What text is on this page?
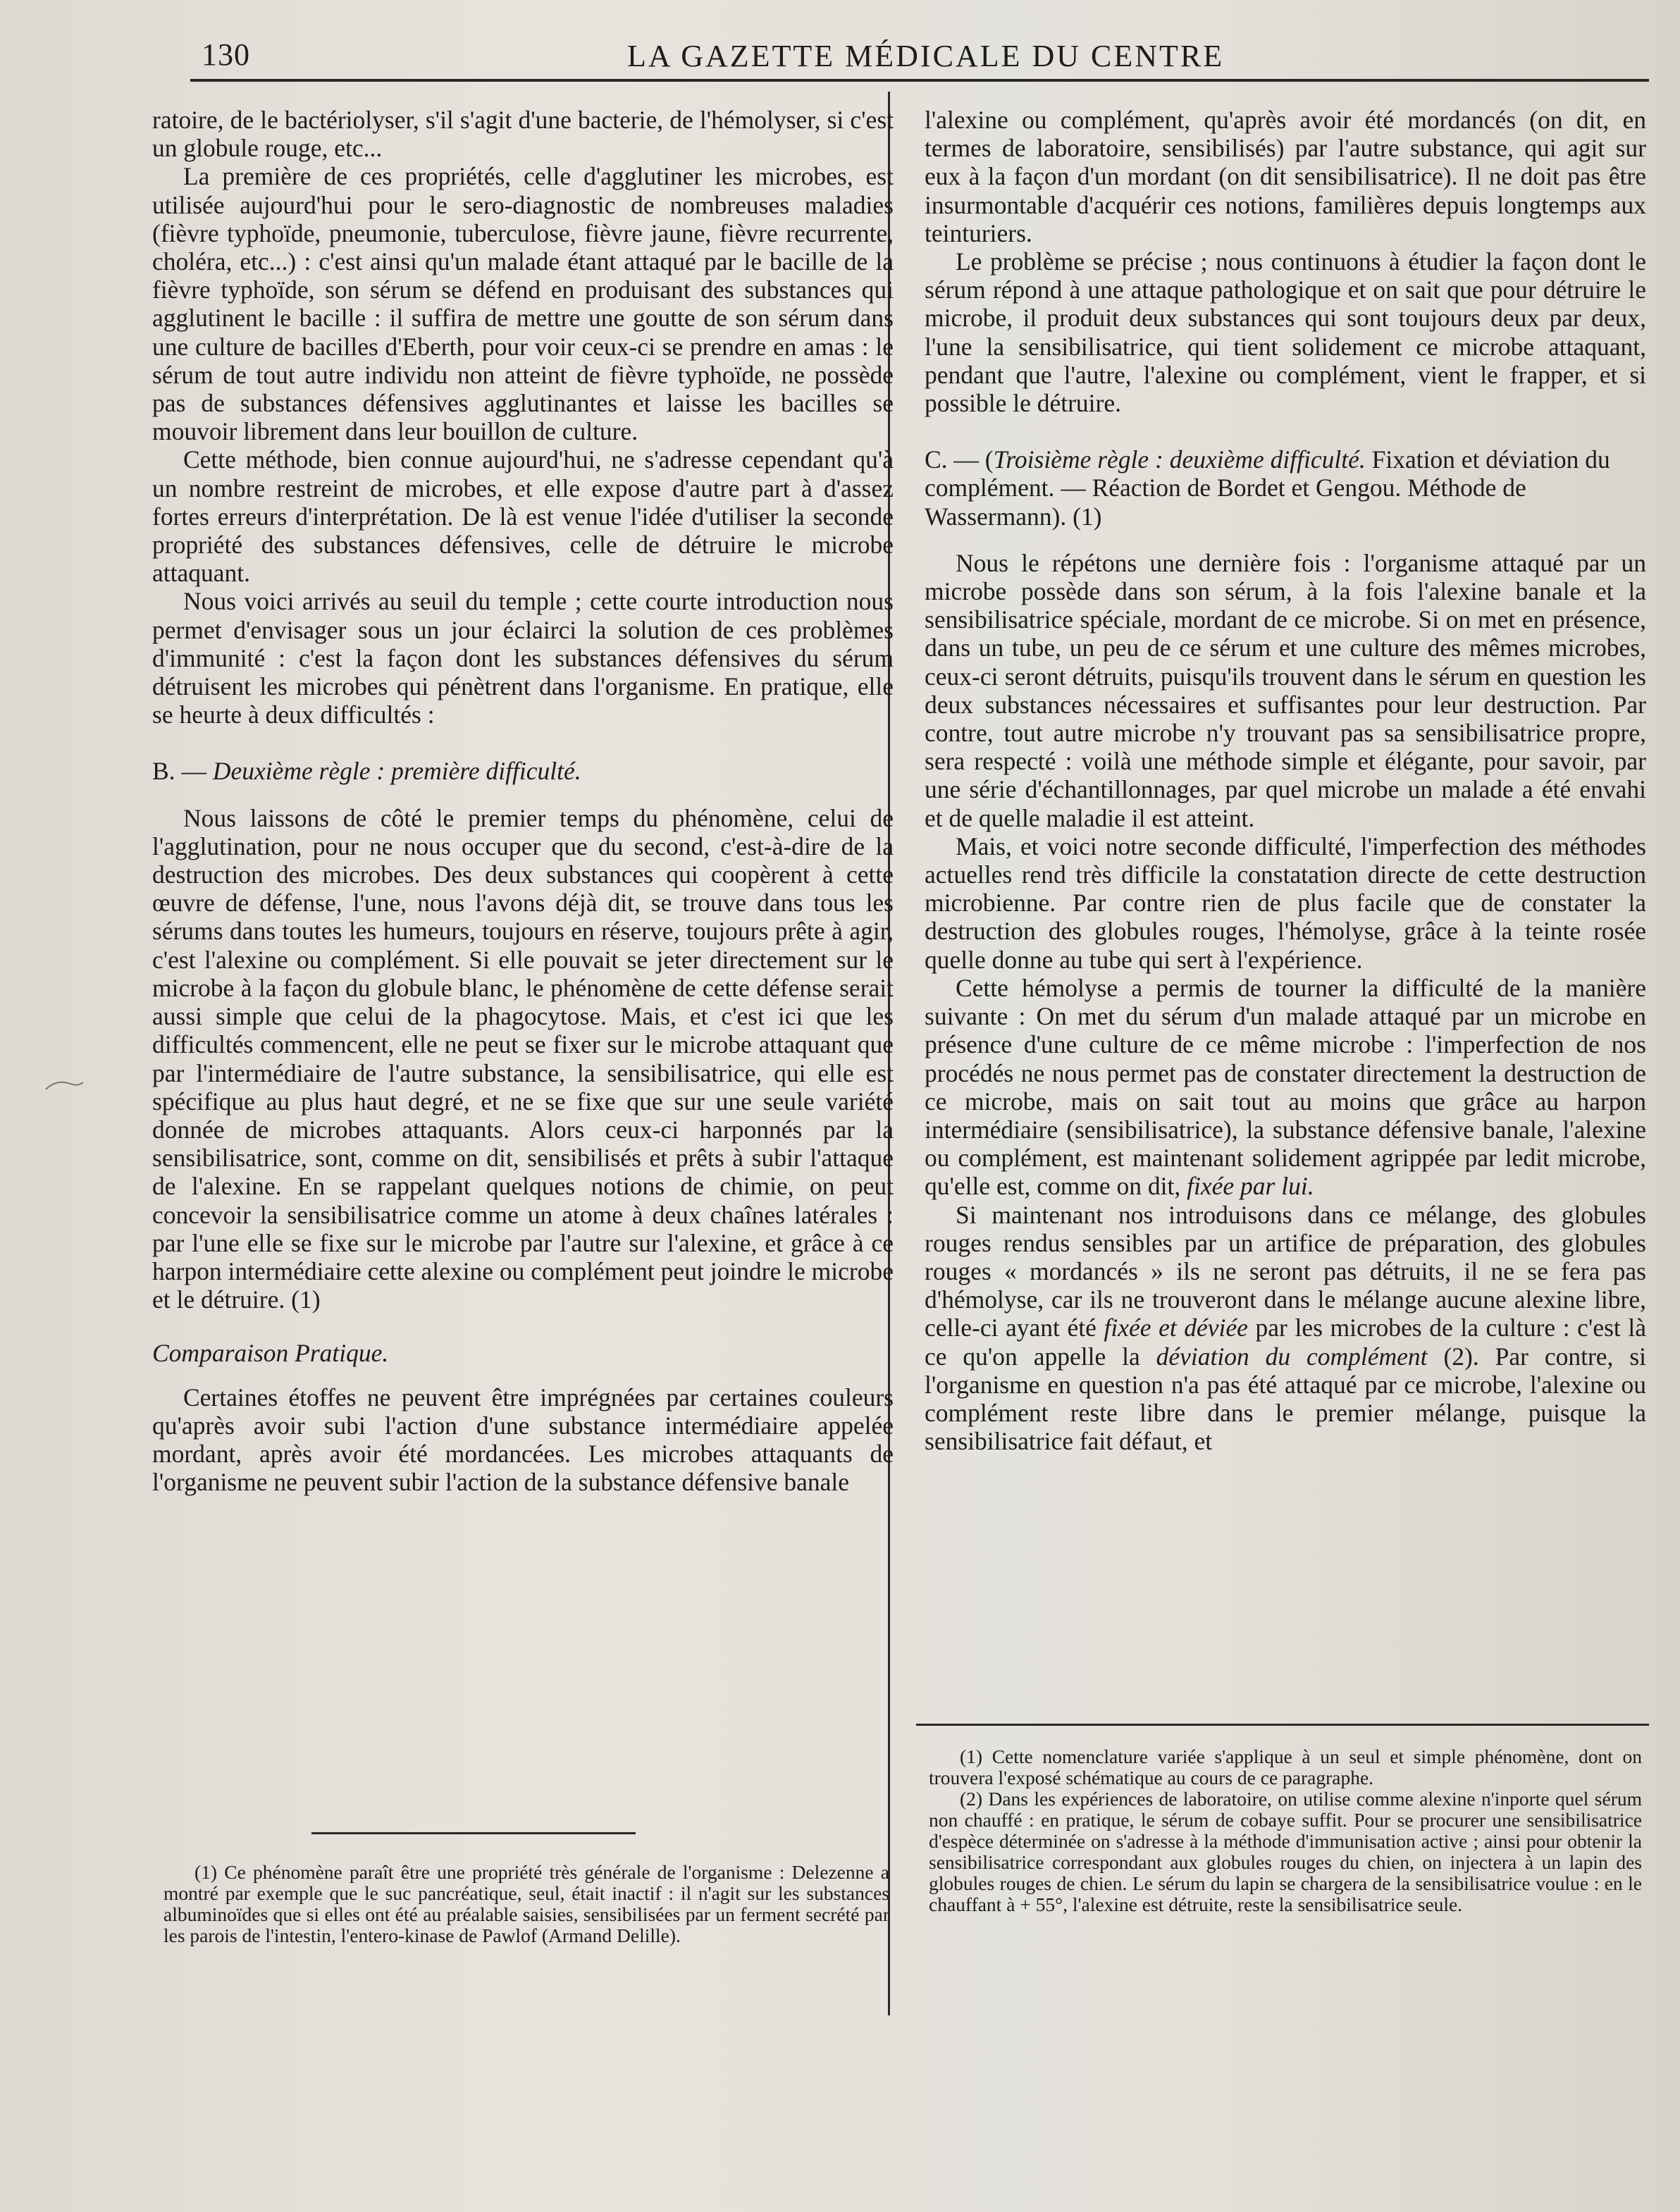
130	LA GAZETTE MÉDICALE DU CENTRE

ratoire, de le bactériolyser, s'il s'agit d'une bacterie, de l'hémolyser, si c'est un globule rouge, etc...

La première de ces propriétés, celle d'agglutiner les microbes, est utilisée aujourd'hui pour le sero-diagnostic de nombreuses maladies (fièvre typhoïde, pneumonie, tuberculose, fièvre jaune, fièvre recurrente, choléra, etc...) : c'est ainsi qu'un malade étant attaqué par le bacille de la fièvre typhoïde, son sérum se défend en produisant des substances qui agglutinent le bacille : il suffira de mettre une goutte de son sérum dans une culture de bacilles d'Eberth, pour voir ceux-ci se prendre en amas : le sérum de tout autre individu non atteint de fièvre typhoïde, ne possède pas de substances défensives agglutinantes et laisse les bacilles se mouvoir librement dans leur bouillon de culture.

Cette méthode, bien connue aujourd'hui, ne s'adresse cependant qu'à un nombre restreint de microbes, et elle expose d'autre part à d'assez fortes erreurs d'interprétation. De là est venue l'idée d'utiliser la seconde propriété des substances défensives, celle de détruire le microbe attaquant.

Nous voici arrivés au seuil du temple ; cette courte introduction nous permet d'envisager sous un jour éclairci la solution de ces problèmes d'immunité : c'est la façon dont les substances défensives du sérum détruisent les microbes qui pénètrent dans l'organisme. En pratique, elle se heurte à deux difficultés :

B. — Deuxième règle : première difficulté.

Nous laissons de côté le premier temps du phénomène, celui de l'agglutination, pour ne nous occuper que du second, c'est-à-dire de la destruction des microbes. Des deux substances qui coopèrent à cette œuvre de défense, l'une, nous l'avons déjà dit, se trouve dans tous les sérums dans toutes les humeurs, toujours en réserve, toujours prête à agir, c'est l'alexine ou complément. Si elle pouvait se jeter directement sur le microbe à la façon du globule blanc, le phénomène de cette défense serait aussi simple que celui de la phagocytose. Mais, et c'est ici que les difficultés commencent, elle ne peut se fixer sur le microbe attaquant que par l'intermédiaire de l'autre substance, la sensibilisatrice, qui elle est spécifique au plus haut degré, et ne se fixe que sur une seule variété donnée de microbes attaquants. Alors ceux-ci harponnés par la sensibilisatrice, sont, comme on dit, sensibilisés et prêts à subir l'attaque de l'alexine. En se rappelant quelques notions de chimie, on peut concevoir la sensibilisatrice comme un atome à deux chaînes latérales : par l'une elle se fixe sur le microbe par l'autre sur l'alexine, et grâce à ce harpon intermédiaire cette alexine ou complément peut joindre le microbe et le détruire. (1)

Comparaison Pratique.

Certaines étoffes ne peuvent être imprégnées par certaines couleurs qu'après avoir subi l'action d'une substance intermédiaire appelée mordant, après avoir été mordancées. Les microbes attaquants de l'organisme ne peuvent subir l'action de la substance défensive banale

(1) Ce phénomène paraît être une propriété très générale de l'organisme : Delezenne a montré par exemple que le suc pancréatique, seul, était inactif : il n'agit sur les substances albuminoïdes que si elles ont été au préalable saisies, sensibilisées par un ferment secrété par les parois de l'intestin, l'entero-kinase de Pawlof (Armand Delille).

l'alexine ou complément, qu'après avoir été mordancés (on dit, en termes de laboratoire, sensibilisés) par l'autre substance, qui agit sur eux à la façon d'un mordant (on dit sensibilisatrice). Il ne doit pas être insurmontable d'acquérir ces notions, familières depuis longtemps aux teinturiers.

Le problème se précise ; nous continuons à étudier la façon dont le sérum répond à une attaque pathologique et on sait que pour détruire le microbe, il produit deux substances qui sont toujours deux par deux, l'une la sensibilisatrice, qui tient solidement ce microbe attaquant, pendant que l'autre, l'alexine ou complément, vient le frapper, et si possible le détruire.

C. — (Troisième règle : deuxième difficulté. Fixation et déviation du complément. — Réaction de Bordet et Gengou. Méthode de Wassermann). (1)

Nous le répétons une dernière fois : l'organisme attaqué par un microbe possède dans son sérum, à la fois l'alexine banale et la sensibilisatrice spéciale, mordant de ce microbe. Si on met en présence, dans un tube, un peu de ce sérum et une culture des mêmes microbes, ceux-ci seront détruits, puisqu'ils trouvent dans le sérum en question les deux substances nécessaires et suffisantes pour leur destruction. Par contre, tout autre microbe n'y trouvant pas sa sensibilisatrice propre, sera respecté : voilà une méthode simple et élégante, pour savoir, par une série d'échantillonnages, par quel microbe un malade a été envahi et de quelle maladie il est atteint.

Mais, et voici notre seconde difficulté, l'imperfection des méthodes actuelles rend très difficile la constatation directe de cette destruction microbienne. Par contre rien de plus facile que de constater la destruction des globules rouges, l'hémolyse, grâce à la teinte rosée quelle donne au tube qui sert à l'expérience.

Cette hémolyse a permis de tourner la difficulté de la manière suivante : On met du sérum d'un malade attaqué par un microbe en présence d'une culture de ce même microbe : l'imperfection de nos procédés ne nous permet pas de constater directement la destruction de ce microbe, mais on sait tout au moins que grâce au harpon intermédiaire (sensibilisatrice), la substance défensive banale, l'alexine ou complément, est maintenant solidement agrippée par ledit microbe, qu'elle est, comme on dit, fixée par lui.

Si maintenant nos introduisons dans ce mélange, des globules rouges rendus sensibles par un artifice de préparation, des globules rouges « mordancés » ils ne seront pas détruits, il ne se fera pas d'hémolyse, car ils ne trouveront dans le mélange aucune alexine libre, celle-ci ayant été fixée et déviée par les microbes de la culture : c'est là ce qu'on appelle la déviation du complément (2). Par contre, si l'organisme en question n'a pas été attaqué par ce microbe, l'alexine ou complément reste libre dans le premier mélange, puisque la sensibilisatrice fait défaut, et

(1) Cette nomenclature variée s'applique à un seul et simple phénomène, dont on trouvera l'exposé schématique au cours de ce paragraphe.

(2) Dans les expériences de laboratoire, on utilise comme alexine n'inporte quel sérum non chauffé : en pratique, le sérum de cobaye suffit. Pour se procurer une sensibilisatrice d'espèce déterminée on s'adresse à la méthode d'immunisation active ; ainsi pour obtenir la sensibilisatrice correspondant aux globules rouges du chien, on injectera à un lapin des globules rouges de chien. Le sérum du lapin se chargera de la sensibilisatrice voulue : en le chauffant à + 55°, l'alexine est détruite, reste la sensibilisatrice seule.
